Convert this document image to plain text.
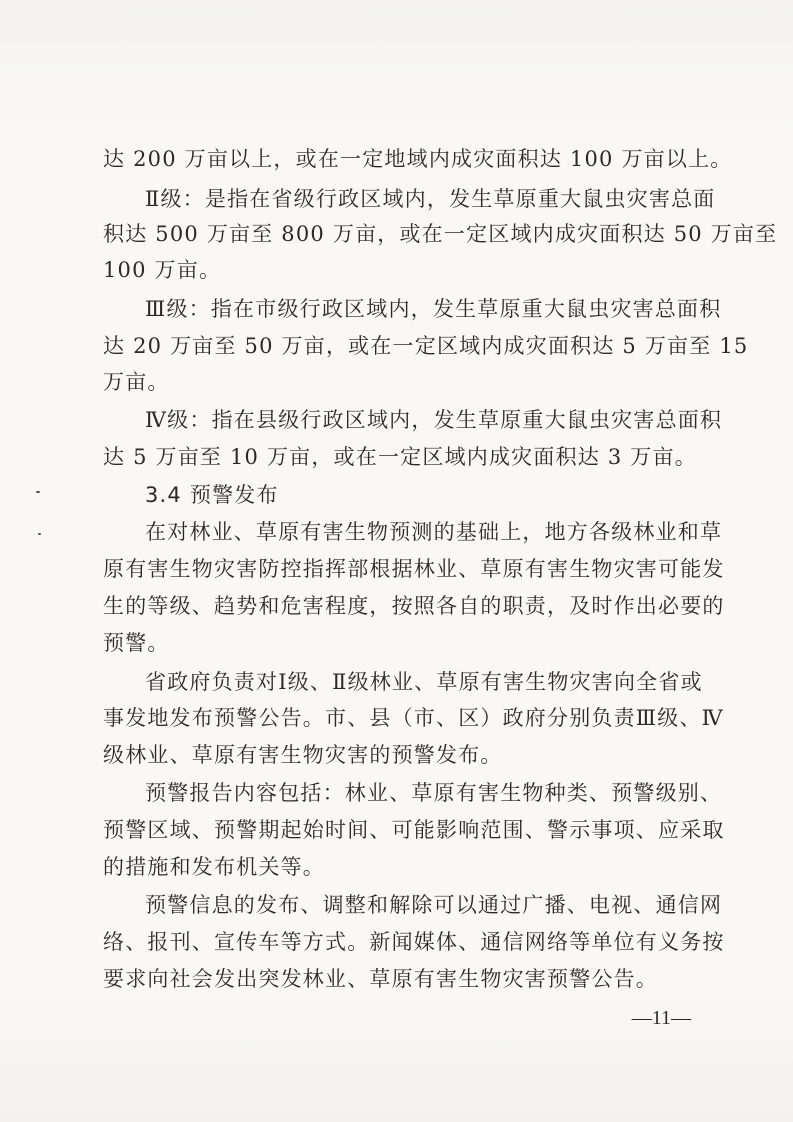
达 200 万亩以上，或在一定地域内成灾面积达 100 万亩以上。
Ⅱ级：是指在省级行政区域内，发生草原重大鼠虫灾害总面
积达 500 万亩至 800 万亩，或在一定区域内成灾面积达 50 万亩至
100 万亩。
Ⅲ级：指在市级行政区域内，发生草原重大鼠虫灾害总面积
达 20 万亩至 50 万亩，或在一定区域内成灾面积达 5 万亩至 15
万亩。
Ⅳ级：指在县级行政区域内，发生草原重大鼠虫灾害总面积
达 5 万亩至 10 万亩，或在一定区域内成灾面积达 3 万亩。
3.4 预警发布
在对林业、草原有害生物预测的基础上，地方各级林业和草
原有害生物灾害防控指挥部根据林业、草原有害生物灾害可能发
生的等级、趋势和危害程度，按照各自的职责，及时作出必要的
预警。
省政府负责对Ⅰ级、Ⅱ级林业、草原有害生物灾害向全省或
事发地发布预警公告。市、县（市、区）政府分别负责Ⅲ级、Ⅳ
级林业、草原有害生物灾害的预警发布。
预警报告内容包括：林业、草原有害生物种类、预警级别、
预警区域、预警期起始时间、可能影响范围、警示事项、应采取
的措施和发布机关等。
预警信息的发布、调整和解除可以通过广播、电视、通信网
络、报刊、宣传车等方式。新闻媒体、通信网络等单位有义务按
要求向社会发出突发林业、草原有害生物灾害预警公告。
—11—
